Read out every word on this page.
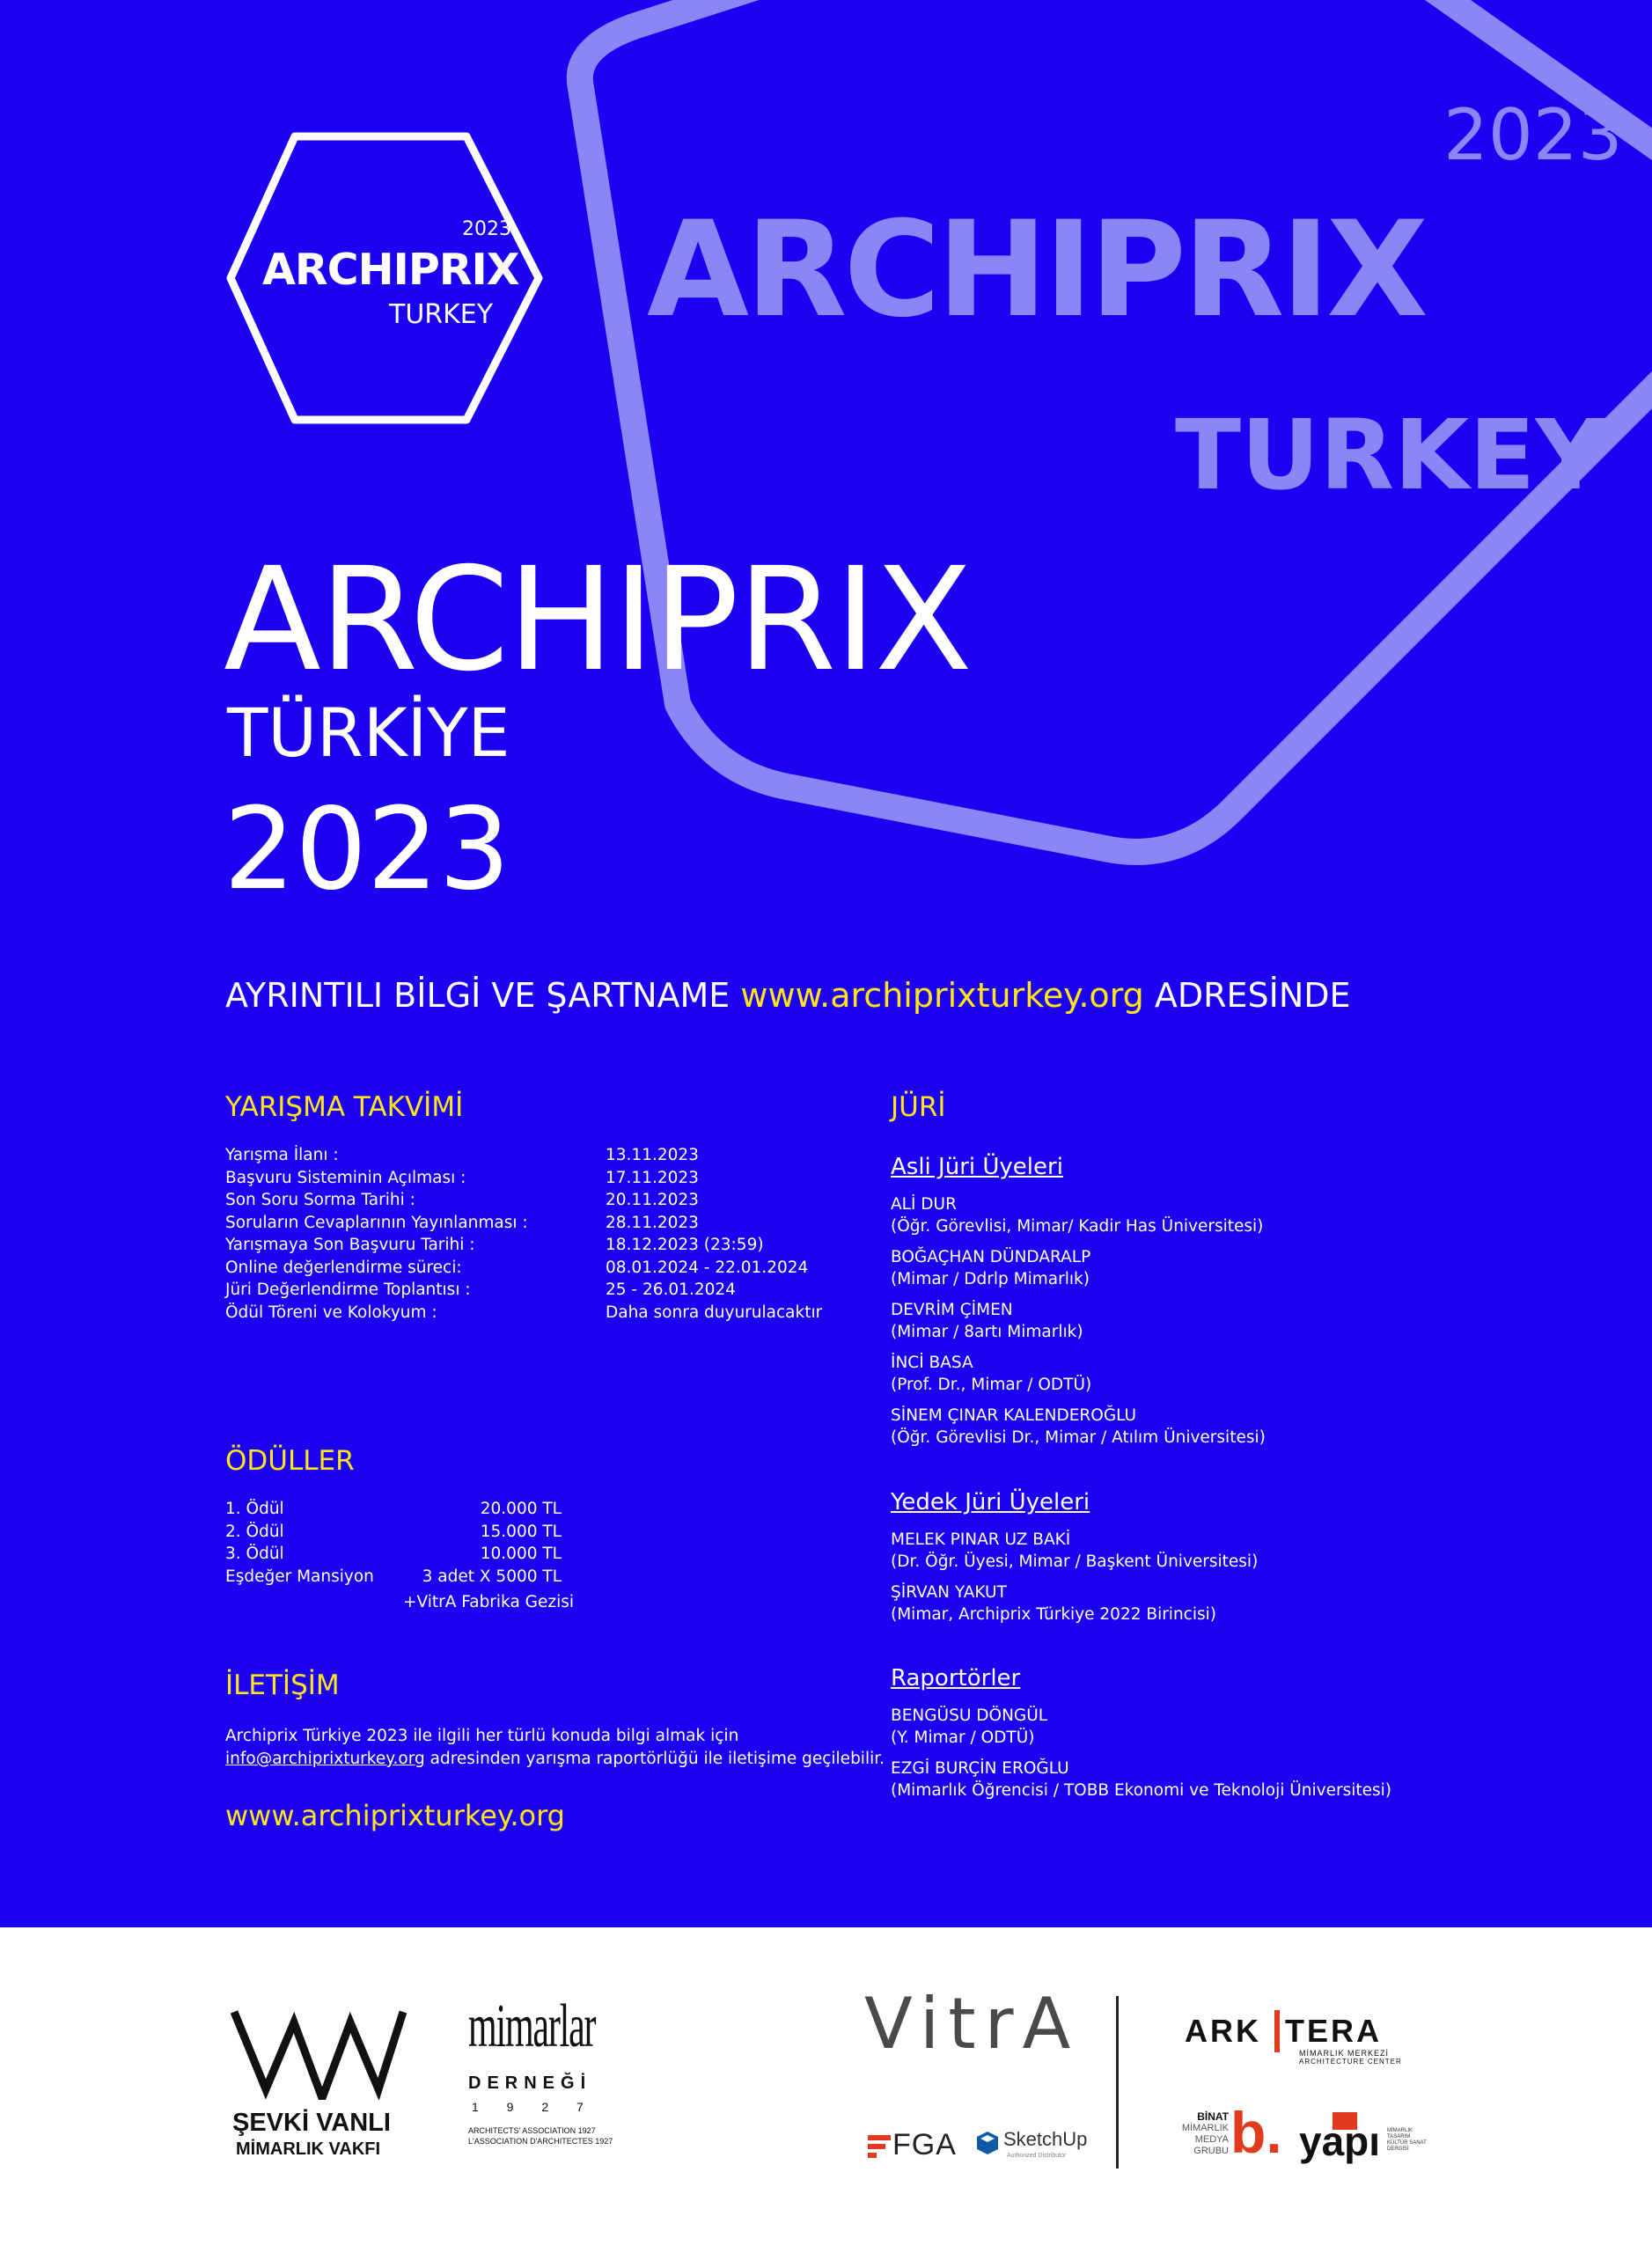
2023
ARCHIPRIX
TURKEY
2023
ARCHIPRIX
TURKEY
ARCHIPRIX
TÜRKİYE
2023
AYRINTILI BİLGİ VE ŞARTNAME www.archiprixturkey.org ADRESİNDE
YARIŞMA TAKVİMİ
Yarışma İlanı :	13.11.2023
Başvuru Sisteminin Açılması :	17.11.2023
Son Soru Sorma Tarihi :	20.11.2023
Soruların Cevaplarının Yayınlanması :	28.11.2023
Yarışmaya Son Başvuru Tarihi :	18.12.2023 (23:59)
Online değerlendirme süreci:	08.01.2024 - 22.01.2024
Jüri Değerlendirme Toplantısı :	25 - 26.01.2024
Ödül Töreni ve Kolokyum :	Daha sonra duyurulacaktır
ÖDÜLLER
1. Ödül	20.000 TL
2. Ödül	15.000 TL
3. Ödül	10.000 TL
Eşdeğer Mansiyon	3 adet X 5000 TL
+VitrA Fabrika Gezisi
İLETİŞİM
Archiprix Türkiye 2023 ile ilgili her türlü konuda bilgi almak için
info@archiprixturkey.org adresinden yarışma raportörlüğü ile iletişime geçilebilir.
www.archiprixturkey.org
JÜRİ
Asli Jüri Üyeleri
ALİ DUR
(Öğr. Görevlisi, Mimar/ Kadir Has Üniversitesi)
BOĞAÇHAN DÜNDARALP
(Mimar / Ddrlp Mimarlık)
DEVRİM ÇİMEN
(Mimar / 8artı Mimarlık)
İNCİ BASA
(Prof. Dr., Mimar / ODTÜ)
SİNEM ÇINAR KALENDEROĞLU
(Öğr. Görevlisi Dr., Mimar / Atılım Üniversitesi)
Yedek Jüri Üyeleri
MELEK PINAR UZ BAKİ
(Dr. Öğr. Üyesi, Mimar / Başkent Üniversitesi)
ŞİRVAN YAKUT
(Mimar, Archiprix Türkiye 2022 Birincisi)
Raportörler
BENGÜSU DÖNGÜL
(Y. Mimar / ODTÜ)
EZGİ BURÇİN EROĞLU
(Mimarlık Öğrencisi / TOBB Ekonomi ve Teknoloji Üniversitesi)
ŞEVKİ VANLI
MİMARLIK VAKFI
mimarlar
DERNEĞİ
1 9 2 7
ARCHITECTS' ASSOCIATION 1927
L'ASSOCIATION D'ARCHITECTES 1927
VitrA
FGA SketchUp
Authorized Distributor
ARK TERA
MİMARLIK MERKEZİ
ARCHITECTURE CENTER
BİNAT
MİMARLIK
MEDYA
GRUBU b. yapı MİMARLIK TASARIM KÜLTÜR SANAT DERGİSİ
